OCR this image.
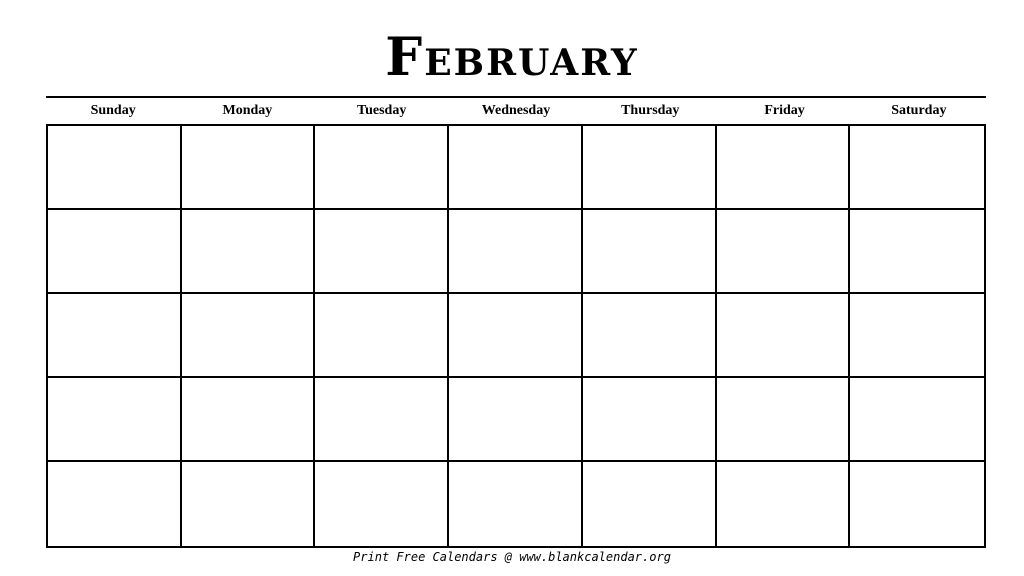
February
Sunday	Monday	Tuesday	Wednesday	Thursday	Friday	Saturday
Print Free Calendars @ www.blankcalendar.org
